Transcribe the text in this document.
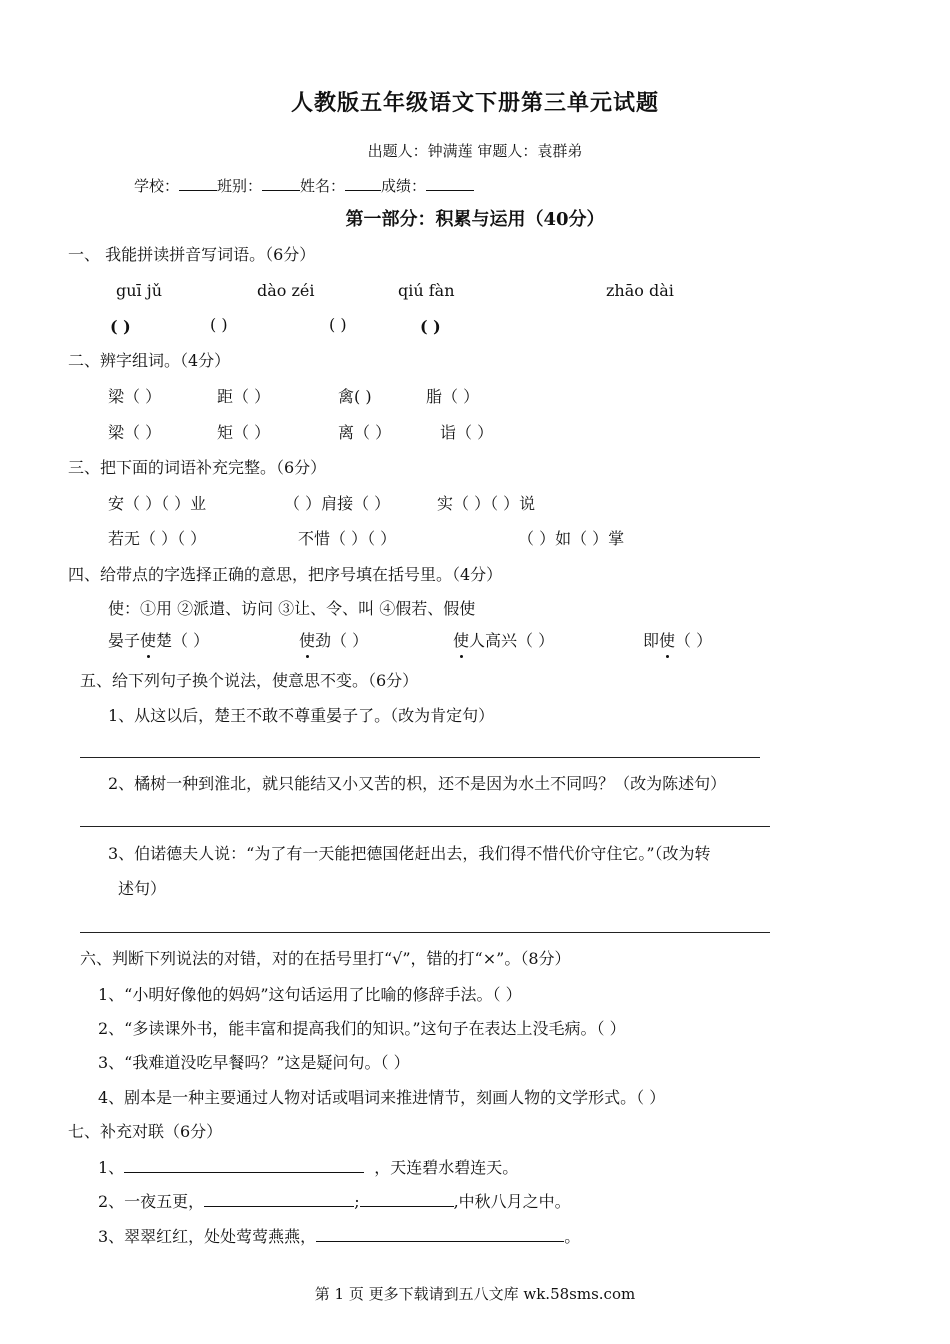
人教版五年级语文下册第三单元试题
出题人：钟满莲 审题人：袁群弟
学校：	班别：	姓名： 成绩：
第一部分：积累与运用（40分）
一、 我能拼读拼音写词语。（6分）
guī jǔ	dào zéi	qiú fàn	zhāo dài
( )	( )	( )	( )
二、辨字组词。（4分）
梁（ ）	距（ ）	禽( )	脂（ ）
梁（ ）	矩（ ）	离（ ）	诣（ ）
三、把下面的词语补充完整。（6分）
安（ ）（ ）业	（ ）肩接（ ）	实（ ）（ ）说
若无（ ）（ ）	不惜（ ）（ ）	（ ）如（ ）掌
四、给带点的字选择正确的意思，把序号填在括号里。（4分）
使：①用 ②派遣、访问 ③让、令、叫 ④假若、假使
晏子使楚（ ）	使劲（ ）	使人高兴（ ）	即使（ ）
五、给下列句子换个说法，使意思不变。（6分）
1、从这以后，楚王不敢不尊重晏子了。（改为肯定句）
2、橘树一种到淮北，就只能结又小又苦的枳，还不是因为水土不同吗？（改为陈述句）
3、伯诺德夫人说：“为了有一天能把德国佬赶出去，我们得不惜代价守住它。”（改为转
述句）
六、判断下列说法的对错，对的在括号里打“√”，错的打“×”。（8分）
1、“小明好像他的妈妈”这句话运用了比喻的修辞手法。（ ）
2、“多读课外书，能丰富和提高我们的知识。”这句子在表达上没毛病。（ ）
3、“我难道没吃早餐吗？”这是疑问句。（ ）
4、剧本是一种主要通过人物对话或唱词来推进情节，刻画人物的文学形式。（ ）
七、补充对联（6分）
1、	，天连碧水碧连天。
2、一夜五更，	;	,中秋八月之中。
3、翠翠红红，处处莺莺燕燕，	。
第 1 页 更多下载请到五八文库 wk.58sms.com
